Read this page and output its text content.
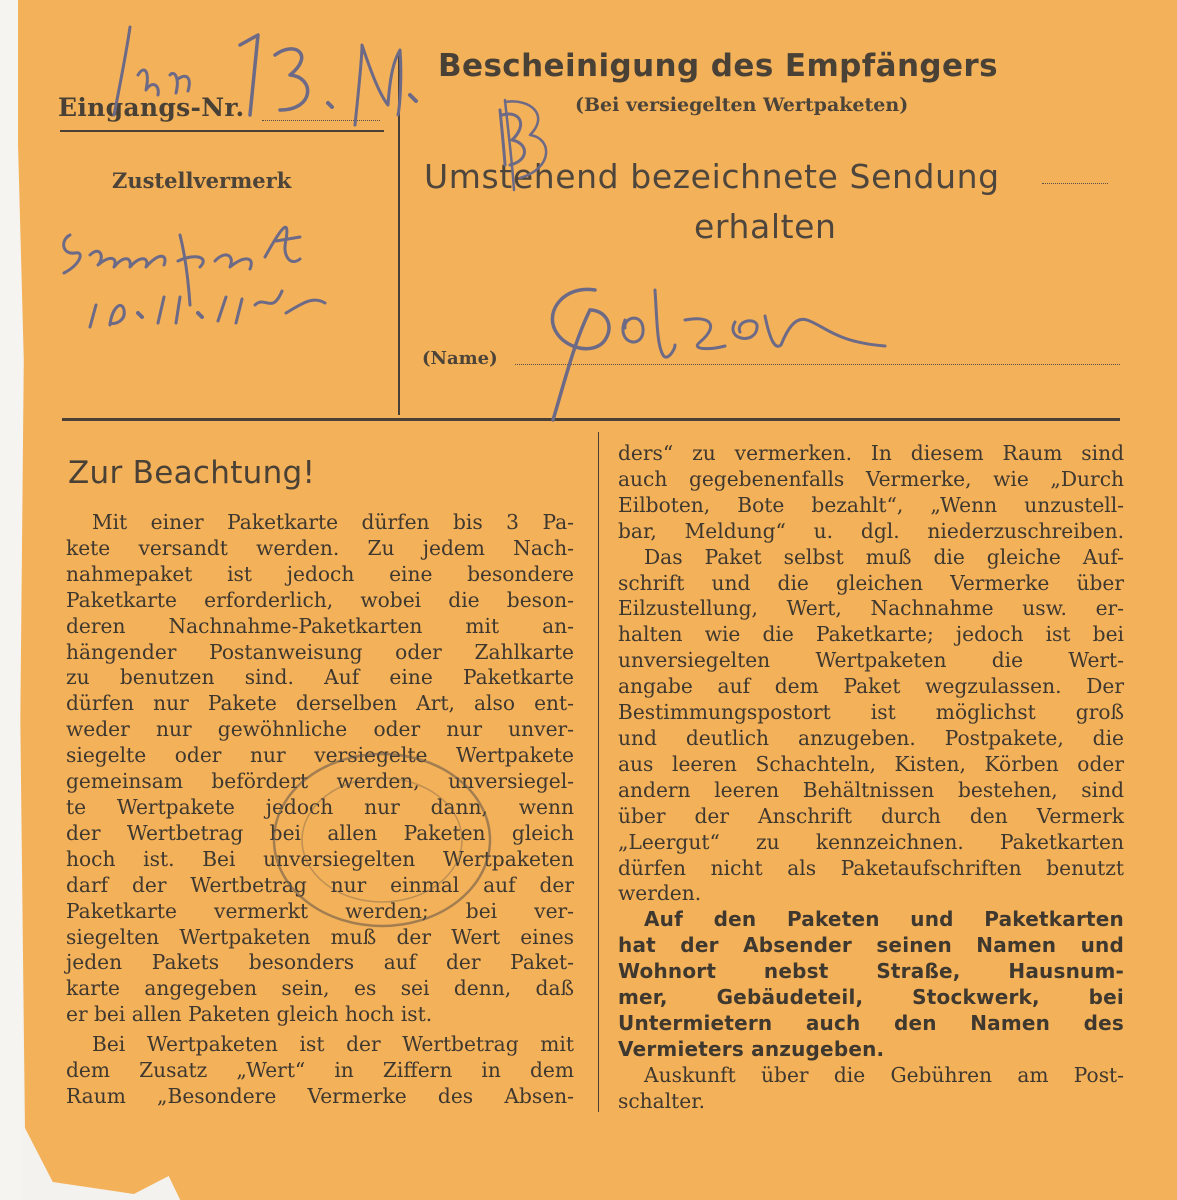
Eingangs-Nr.
Zustellvermerk
Bescheinigung des Empfängers
(Bei versiegelten Wertpaketen)
Umstehend bezeichnete Sendung
erhalten
(Name)
Zur Beachtung!

Mit einer Paketkarte dürfen bis 3 Pa-

kete versandt werden. Zu jedem Nach-

nahmepaket ist jedoch eine besondere

Paketkarte erforderlich, wobei die beson-

deren Nachnahme-Paketkarten mit an-

hängender Postanweisung oder Zahlkarte

zu benutzen sind. Auf eine Paketkarte

dürfen nur Pakete derselben Art, also ent-

weder nur gewöhnliche oder nur unver-

siegelte oder nur versiegelte Wertpakete

gemeinsam befördert werden, unversiegel-

te Wertpakete jedoch nur dann, wenn

der Wertbetrag bei allen Paketen gleich

hoch ist. Bei unversiegelten Wertpaketen

darf der Wertbetrag nur einmal auf der

Paketkarte vermerkt werden; bei ver-

siegelten Wertpaketen muß der Wert eines

jeden Pakets besonders auf der Paket-

karte angegeben sein, es sei denn, daß

er bei allen Paketen gleich hoch ist.

Bei Wertpaketen ist der Wertbetrag mit

dem Zusatz „Wert“ in Ziffern in dem

Raum „Besondere Vermerke des Absen-

ders“ zu vermerken. In diesem Raum sind

auch gegebenenfalls Vermerke, wie „Durch

Eilboten, Bote bezahlt“, „Wenn unzustell-

bar, Meldung“ u. dgl. niederzuschreiben.

Das Paket selbst muß die gleiche Auf-

schrift und die gleichen Vermerke über

Eilzustellung, Wert, Nachnahme usw. er-

halten wie die Paketkarte; jedoch ist bei

unversiegelten Wertpaketen die Wert-

angabe auf dem Paket wegzulassen. Der

Bestimmungspostort ist möglichst groß

und deutlich anzugeben. Postpakete, die

aus leeren Schachteln, Kisten, Körben oder

andern leeren Behältnissen bestehen, sind

über der Anschrift durch den Vermerk

„Leergut“ zu kennzeichnen. Paketkarten

dürfen nicht als Paketaufschriften benutzt

werden.

Auf den Paketen und Paketkarten

hat der Absender seinen Namen und

Wohnort nebst Straße, Hausnum-

mer, Gebäudeteil, Stockwerk, bei

Untermietern auch den Namen des

Vermieters anzugeben.

Auskunft über die Gebühren am Post-

schalter.
